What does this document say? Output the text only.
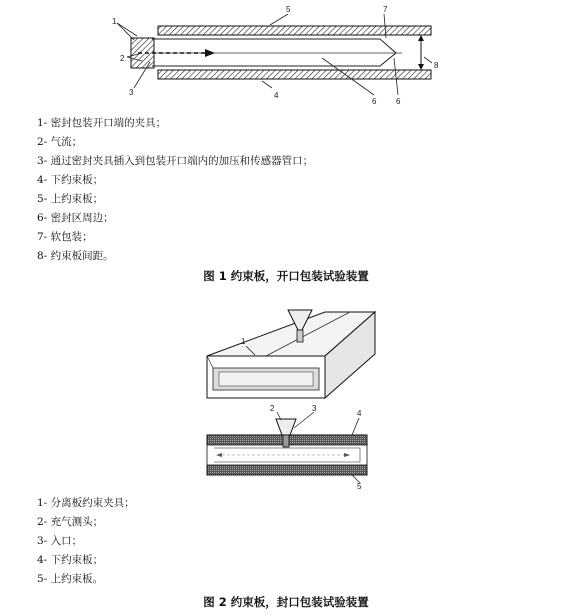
1
2
3	4
5
6 6
7
8
1- 密封包装开口端的夹具；
2- 气流；
3- 通过密封夹具插入到包装开口端内的加压和传感器管口；
4- 下约束板；
5- 上约束板；
6- 密封区周边；
7- 软包装；
8- 约束板间距。
图 1 约束板，开口包装试验装置
1
2	3
4
5
1- 分离板约束夹具；
2- 充气测头；
3- 入口；
4- 下约束板；
5- 上约束板。
图 2 约束板，封口包装试验装置
